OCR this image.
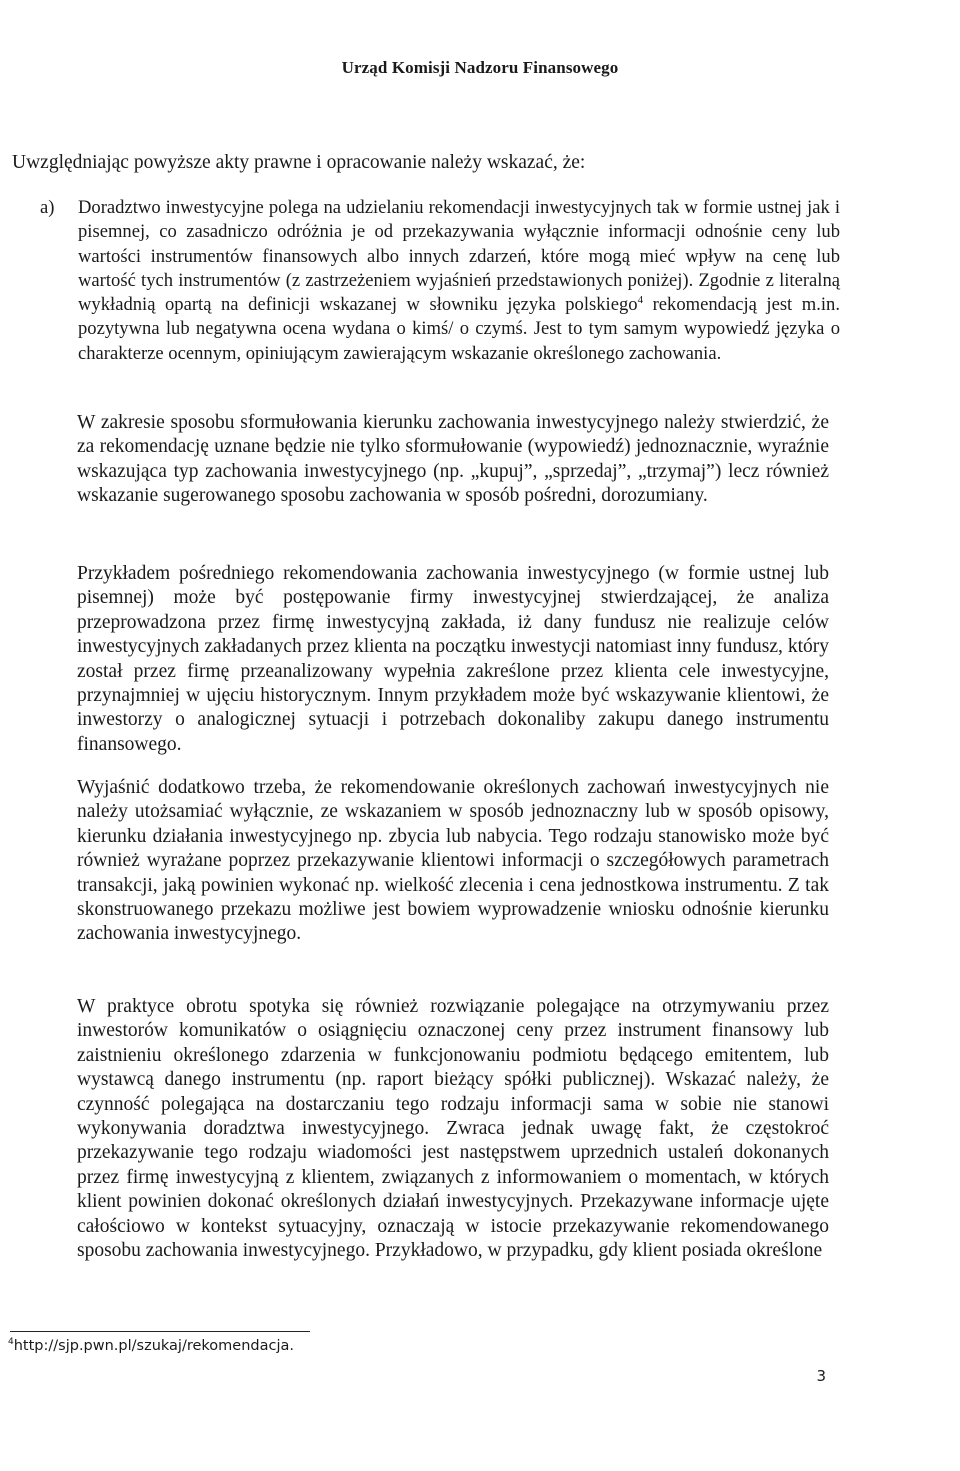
Urząd Komisji Nadzoru Finansowego
Uwzględniając powyższe akty prawne i opracowanie należy wskazać, że:
a) Doradztwo inwestycyjne polega na udzielaniu rekomendacji inwestycyjnych tak w formie ustnej jak i pisemnej, co zasadniczo odróżnia je od przekazywania wyłącznie informacji odnośnie ceny lub wartości instrumentów finansowych albo innych zdarzeń, które mogą mieć wpływ na cenę lub wartość tych instrumentów (z zastrzeżeniem wyjaśnień przedstawionych poniżej). Zgodnie z literalną wykładnią opartą na definicji wskazanej w słowniku języka polskiego$^4$ rekomendacją jest m.in. pozytywna lub negatywna ocena wydana o kimś/ o czymś. Jest to tym samym wypowiedź języka o charakterze ocennym, opiniującym zawierającym wskazanie określonego zachowania.

W zakresie sposobu sformułowania kierunku zachowania inwestycyjnego należy stwierdzić, że za rekomendację uznane będzie nie tylko sformułowanie (wypowiedź) jednoznacznie, wyraźnie wskazująca typ zachowania inwestycyjnego (np. „kupuj”, „sprzedaj”, „trzymaj”) lecz również wskazanie sugerowanego sposobu zachowania w sposób pośredni, dorozumiany.

Przykładem pośredniego rekomendowania zachowania inwestycyjnego (w formie ustnej lub pisemnej) może być postępowanie firmy inwestycyjnej stwierdzającej, że analiza przeprowadzona przez firmę inwestycyjną zakłada, iż dany fundusz nie realizuje celów inwestycyjnych zakładanych przez klienta na początku inwestycji natomiast inny fundusz, który został przez firmę przeanalizowany wypełnia zakreślone przez klienta cele inwestycyjne, przynajmniej w ujęciu historycznym. Innym przykładem może być wskazywanie klientowi, że inwestorzy o analogicznej sytuacji i potrzebach dokonaliby zakupu danego instrumentu finansowego.

Wyjaśnić dodatkowo trzeba, że rekomendowanie określonych zachowań inwestycyjnych nie należy utożsamiać wyłącznie, ze wskazaniem w sposób jednoznaczny lub w sposób opisowy, kierunku działania inwestycyjnego np. zbycia lub nabycia. Tego rodzaju stanowisko może być również wyrażane poprzez przekazywanie klientowi informacji o szczegółowych parametrach transakcji, jaką powinien wykonać np. wielkość zlecenia i cena jednostkowa instrumentu. Z tak skonstruowanego przekazu możliwe jest bowiem wyprowadzenie wniosku odnośnie kierunku zachowania inwestycyjnego.

W praktyce obrotu spotyka się również rozwiązanie polegające na otrzymywaniu przez inwestorów komunikatów o osiągnięciu oznaczonej ceny przez instrument finansowy lub zaistnieniu określonego zdarzenia w funkcjonowaniu podmiotu będącego emitentem, lub wystawcą danego instrumentu (np. raport bieżący spółki publicznej). Wskazać należy, że czynność polegająca na dostarczaniu tego rodzaju informacji sama w sobie nie stanowi wykonywania doradztwa inwestycyjnego. Zwraca jednak uwagę fakt, że częstokroć przekazywanie tego rodzaju wiadomości jest następstwem uprzednich ustaleń dokonanych przez firmę inwestycyjną z klientem, związanych z informowaniem o momentach, w których klient powinien dokonać określonych działań inwestycyjnych. Przekazywane informacje ujęte całościowo w kontekst sytuacyjny, oznaczają w istocie przekazywanie rekomendowanego sposobu zachowania inwestycyjnego. Przykładowo, w przypadku, gdy klient posiada określone

$^4$http://sjp.pwn.pl/szukaj/rekomendacja.
3
